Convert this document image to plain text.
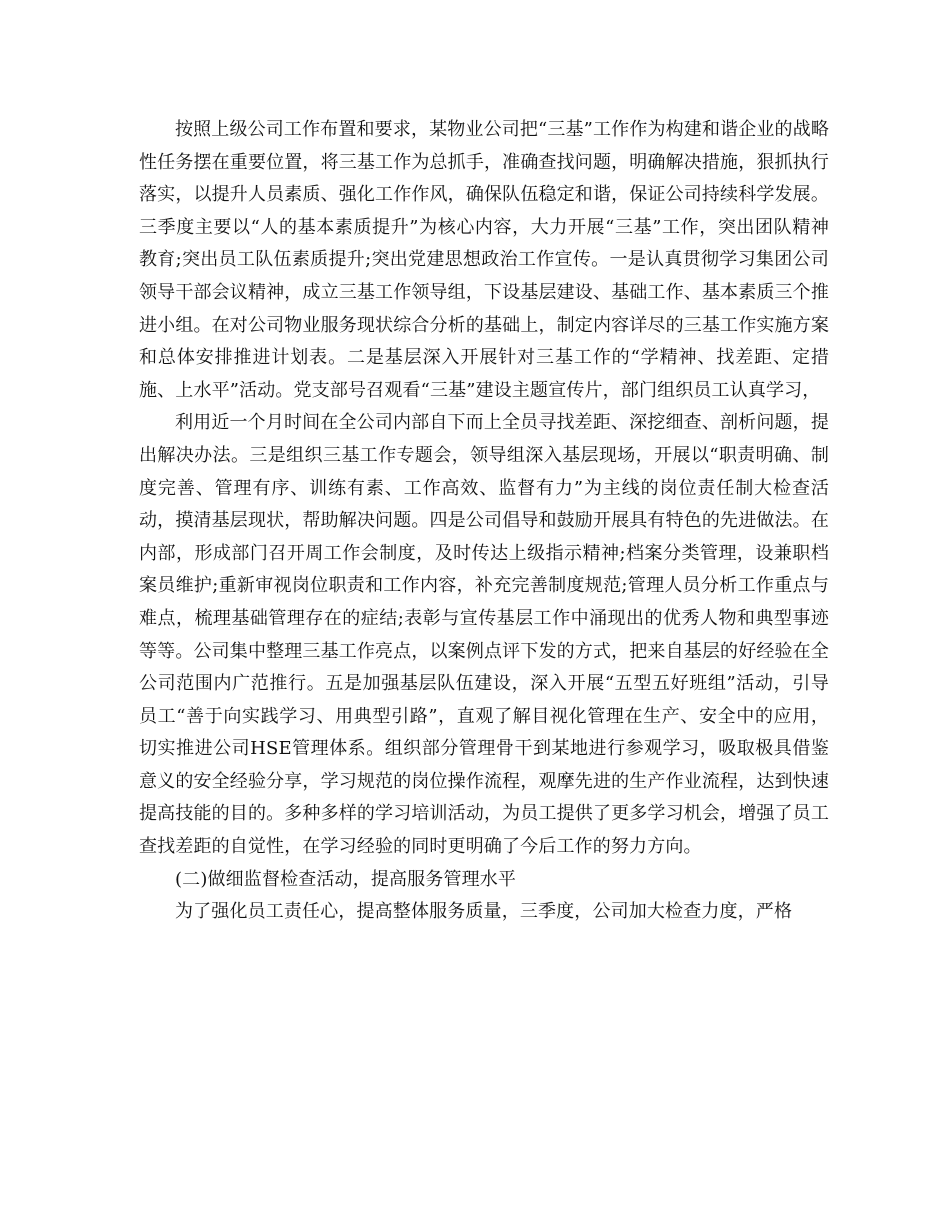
按照上级公司工作布置和要求，某物业公司把“三基”工作作为构建和谐企业的战略性任务摆在重要位置，将三基工作为总抓手，准确查找问题，明确解决措施，狠抓执行落实，以提升人员素质、强化工作作风，确保队伍稳定和谐，保证公司持续科学发展。三季度主要以“人的基本素质提升”为核心内容，大力开展“三基”工作，突出团队精神教育;突出员工队伍素质提升;突出党建思想政治工作宣传。一是认真贯彻学习集团公司领导干部会议精神，成立三基工作领导组，下设基层建设、基础工作、基本素质三个推进小组。在对公司物业服务现状综合分析的基础上，制定内容详尽的三基工作实施方案和总体安排推进计划表。二是基层深入开展针对三基工作的“学精神、找差距、定措施、上水平”活动。党支部号召观看“三基”建设主题宣传片，部门组织员工认真学习，

利用近一个月时间在全公司内部自下而上全员寻找差距、深挖细查、剖析问题，提出解决办法。三是组织三基工作专题会，领导组深入基层现场，开展以“职责明确、制度完善、管理有序、训练有素、工作高效、监督有力”为主线的岗位责任制大检查活动，摸清基层现状，帮助解决问题。四是公司倡导和鼓励开展具有特色的先进做法。在内部，形成部门召开周工作会制度，及时传达上级指示精神;档案分类管理，设兼职档案员维护;重新审视岗位职责和工作内容，补充完善制度规范;管理人员分析工作重点与难点，梳理基础管理存在的症结;表彰与宣传基层工作中涌现出的优秀人物和典型事迹等等。公司集中整理三基工作亮点，以案例点评下发的方式，把来自基层的好经验在全公司范围内广范推行。五是加强基层队伍建设，深入开展“五型五好班组”活动，引导员工“善于向实践学习、用典型引路”，直观了解目视化管理在生产、安全中的应用，切实推进公司HSE管理体系。组织部分管理骨干到某地进行参观学习，吸取极具借鉴意义的安全经验分享，学习规范的岗位操作流程，观摩先进的生产作业流程，达到快速提高技能的目的。多种多样的学习培训活动，为员工提供了更多学习机会，增强了员工查找差距的自觉性，在学习经验的同时更明确了今后工作的努力方向。

(二)做细监督检查活动，提高服务管理水平

为了强化员工责任心，提高整体服务质量，三季度，公司加大检查力度，严格
